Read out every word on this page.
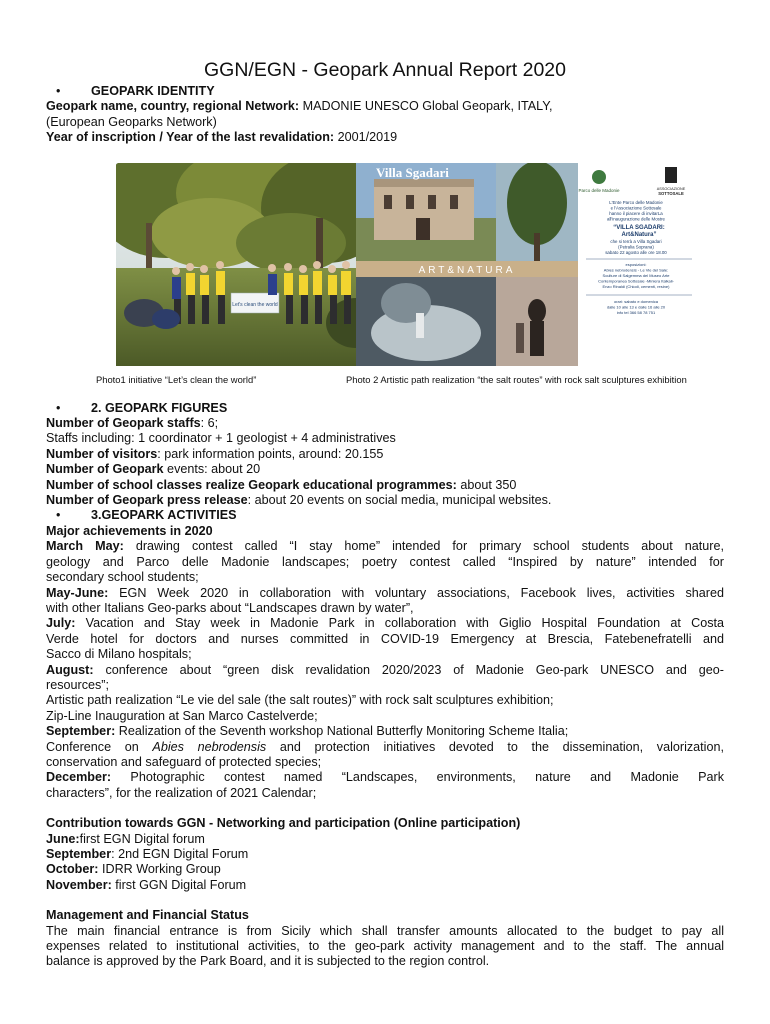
GGN/EGN - Geopark Annual Report 2020
• GEOPARK IDENTITY

Geopark name, country, regional Network: MADONIE UNESCO Global Geopark, ITALY,

(European Geoparks Network)

Year of inscription / Year of the last revalidation: 2001/2019

Let's clean the world
Villa Sgadari
ART&NATURA
Parco delle Madonie	ASSOCIAZIONE
SOTTOSALE
L'Ente Parco delle Madonie
e l'Associazione Sottosale
hanno il piacere di invitarLa
all'inaugurazione delle Mostre
“VILLA SGADARI:
Art&Natura”
che si terrà a Villa Sgadari
(Petralia Soprana)
sabato 22 agosto alle ore 18.00
esposizioni:
Abies nebrodensis - Le Vie del Sale:
Sculture di Salgemma del Museo Arte
Contemporanea Sottosale -Miniera Italkali-
Enzo Rinaldi (Chiodi, cementi, resine)
orari: sabato e domenica
dalle 10 alle 13 e dalle 16 alle 20
info tel 366 58 78 751
Photo1 initiative “Let’s clean the world”	Photo 2 Artistic path realization “the salt routes” with rock salt sculptures exhibition
• 2. GEOPARK FIGURES

Number of Geopark staffs: 6;

Staffs including: 1 coordinator + 1 geologist + 4 administratives

Number of visitors: park information points, around: 20.155

Number of Geopark events: about 20

Number of school classes realize Geopark educational programmes: about 350

Number of Geopark press release: about 20 events on social media, municipal websites.

• 3.GEOPARK ACTIVITIES

Major achievements in 2020

March May: drawing contest called “I stay home” intended for primary school students about nature,

geology and Parco delle Madonie landscapes; poetry contest called “Inspired by nature” intended for

secondary school students;

May-June: EGN Week 2020 in collaboration with voluntary associations, Facebook lives, activities shared

with other Italians Geo-parks about “Landscapes drawn by water”,

July: Vacation and Stay week in Madonie Park in collaboration with Giglio Hospital Foundation at Costa

Verde hotel for doctors and nurses committed in COVID-19 Emergency at Brescia, Fatebenefratelli and

Sacco di Milano hospitals;

August: conference about “green disk revalidation 2020/2023 of Madonie Geo-park UNESCO and geo-

resources”;

Artistic path realization “Le vie del sale (the salt routes)” with rock salt sculptures exhibition;

Zip-Line Inauguration at San Marco Castelverde;

September: Realization of the Seventh workshop National Butterfly Monitoring Scheme Italia;

Conference on Abies nebrodensis and protection initiatives devoted to the dissemination, valorization,

conservation and safeguard of protected species;

December: Photographic contest named “Landscapes, environments, nature and Madonie Park

characters”, for the realization of 2021 Calendar;

Contribution towards GGN - Networking and participation (Online participation)

June:first EGN Digital forum

September: 2nd EGN Digital Forum

October: IDRR Working Group

November: first GGN Digital Forum

Management and Financial Status

The main financial entrance is from Sicily which shall transfer amounts allocated to the budget to pay all

expenses related to institutional activities, to the geo-park activity management and to the staff. The annual

balance is approved by the Park Board, and it is subjected to the region control.
